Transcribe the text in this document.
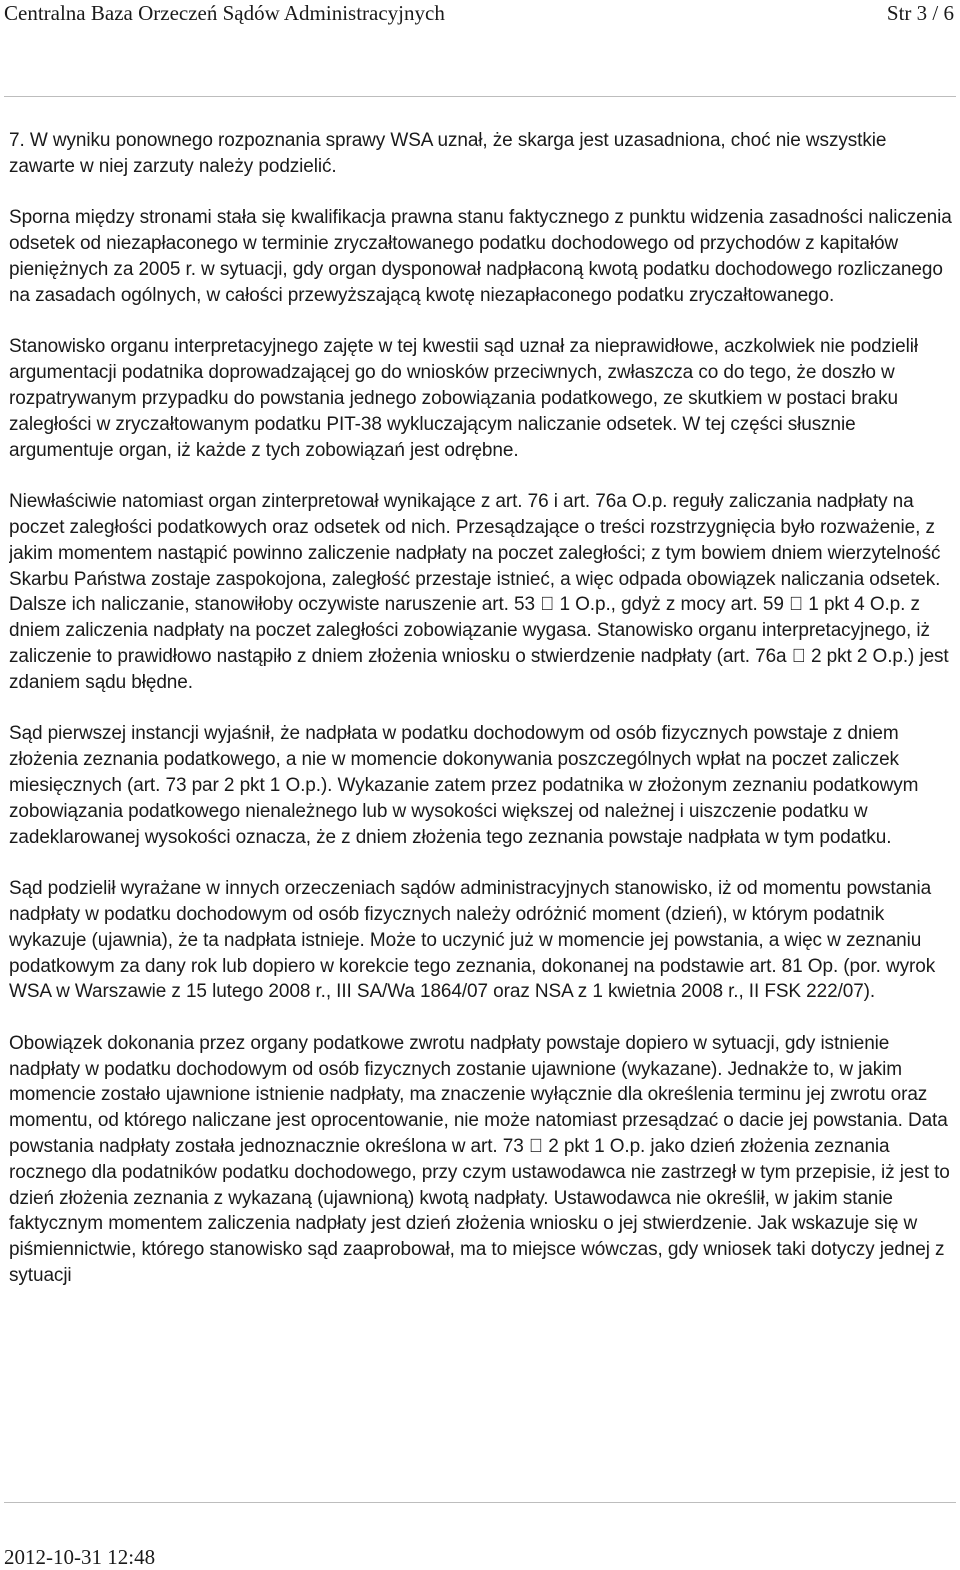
Centralna Baza Orzeczeń Sądów Administracyjnych	Str 3 / 6

7. W wyniku ponownego rozpoznania sprawy WSA uznał, że skarga jest uzasadniona, choć nie wszystkie zawarte w niej zarzuty należy podzielić.

Sporna między stronami stała się kwalifikacja prawna stanu faktycznego z punktu widzenia zasadności naliczenia odsetek od niezapłaconego w terminie zryczałtowanego podatku dochodowego od przychodów z kapitałów pieniężnych za 2005 r. w sytuacji, gdy organ dysponował nadpłaconą kwotą podatku dochodowego rozliczanego na zasadach ogólnych, w całości przewyższającą kwotę niezapłaconego podatku zryczałtowanego.

Stanowisko organu interpretacyjnego zajęte w tej kwestii sąd uznał za nieprawidłowe, aczkolwiek nie podzielił argumentacji podatnika doprowadzającej go do wniosków przeciwnych, zwłaszcza co do tego, że doszło w rozpatrywanym przypadku do powstania jednego zobowiązania podatkowego, ze skutkiem w postaci braku zaległości w zryczałtowanym podatku PIT-38 wykluczającym naliczanie odsetek. W tej części słusznie argumentuje organ, iż każde z tych zobowiązań jest odrębne.

Niewłaściwie natomiast organ zinterpretował wynikające z art. 76 i art. 76a O.p. reguły zaliczania nadpłaty na poczet zaległości podatkowych oraz odsetek od nich. Przesądzające o treści rozstrzygnięcia było rozważenie, z jakim momentem nastąpić powinno zaliczenie nadpłaty na poczet zaległości; z tym bowiem dniem wierzytelność Skarbu Państwa zostaje zaspokojona, zaległość przestaje istnieć, a więc odpada obowiązek naliczania odsetek. Dalsze ich naliczanie, stanowiłoby oczywiste naruszenie art. 53 1 O.p., gdyż z mocy art. 59 1 pkt 4 O.p. z dniem zaliczenia nadpłaty na poczet zaległości zobowiązanie wygasa. Stanowisko organu interpretacyjnego, iż zaliczenie to prawidłowo nastąpiło z dniem złożenia wniosku o stwierdzenie nadpłaty (art. 76a 2 pkt 2 O.p.) jest zdaniem sądu błędne.

Sąd pierwszej instancji wyjaśnił, że nadpłata w podatku dochodowym od osób fizycznych powstaje z dniem złożenia zeznania podatkowego, a nie w momencie dokonywania poszczególnych wpłat na poczet zaliczek miesięcznych (art. 73 par 2 pkt 1 O.p.). Wykazanie zatem przez podatnika w złożonym zeznaniu podatkowym zobowiązania podatkowego nienależnego lub w wysokości większej od należnej i uiszczenie podatku w zadeklarowanej wysokości oznacza, że z dniem złożenia tego zeznania powstaje nadpłata w tym podatku.

Sąd podzielił wyrażane w innych orzeczeniach sądów administracyjnych stanowisko, iż od momentu powstania nadpłaty w podatku dochodowym od osób fizycznych należy odróżnić moment (dzień), w którym podatnik wykazuje (ujawnia), że ta nadpłata istnieje. Może to uczynić już w momencie jej powstania, a więc w zeznaniu podatkowym za dany rok lub dopiero w korekcie tego zeznania, dokonanej na podstawie art. 81 Op. (por. wyrok WSA w Warszawie z 15 lutego 2008 r., III SA/Wa 1864/07 oraz NSA z 1 kwietnia 2008 r., II FSK 222/07).

Obowiązek dokonania przez organy podatkowe zwrotu nadpłaty powstaje dopiero w sytuacji, gdy istnienie nadpłaty w podatku dochodowym od osób fizycznych zostanie ujawnione (wykazane). Jednakże to, w jakim momencie zostało ujawnione istnienie nadpłaty, ma znaczenie wyłącznie dla określenia terminu jej zwrotu oraz momentu, od którego naliczane jest oprocentowanie, nie może natomiast przesądzać o dacie jej powstania. Data powstania nadpłaty została jednoznacznie określona w art. 73 2 pkt 1 O.p. jako dzień złożenia zeznania rocznego dla podatników podatku dochodowego, przy czym ustawodawca nie zastrzegł w tym przepisie, iż jest to dzień złożenia zeznania z wykazaną (ujawnioną) kwotą nadpłaty. Ustawodawca nie określił, w jakim stanie faktycznym momentem zaliczenia nadpłaty jest dzień złożenia wniosku o jej stwierdzenie. Jak wskazuje się w piśmiennictwie, którego stanowisko sąd zaaprobował, ma to miejsce wówczas, gdy wniosek taki dotyczy jednej z sytuacji

2012-10-31 12:48
